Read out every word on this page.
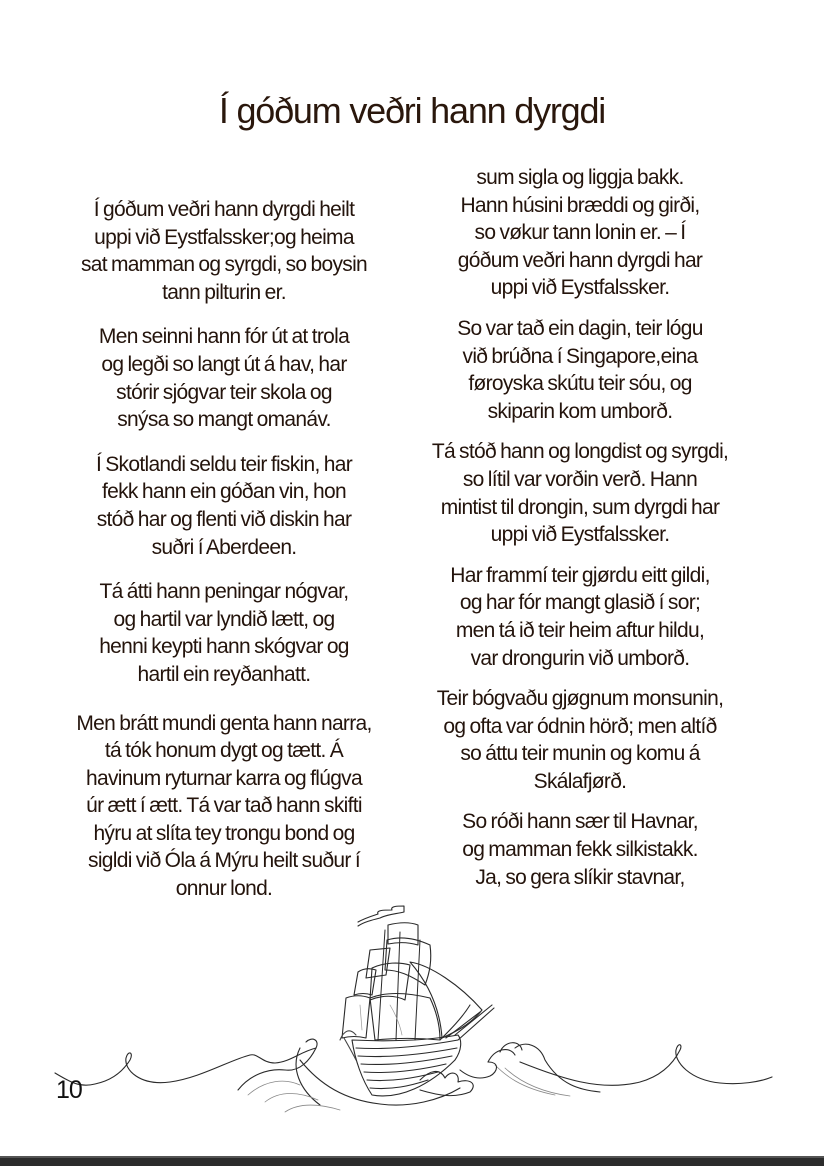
Í góðum veðri hann dyrgdi

Í góðum veðri hann dyrgdi heilt
uppi við Eystfalssker;og heima
sat mamman og syrgdi, so boysin
tann pilturin er.

Men seinni hann fór út at trola
og legði so langt út á hav, har
stórir sjógvar teir skola og
snýsa so mangt omanáv.

Í Skotlandi seldu teir fiskin, har
fekk hann ein góðan vin, hon
stóð har og flenti við diskin har
suðri í Aberdeen.

Tá átti hann peningar nógvar,
og hartil var lyndið lætt, og
henni keypti hann skógvar og
hartil ein reyðanhatt.

Men brátt mundi genta hann narra,
tá tók honum dygt og tætt. Á
havinum ryturnar karra og flúgva
úr ætt í ætt. Tá var tað hann skifti
hýru at slíta tey trongu bond og
sigldi við Óla á Mýru heilt suður í
onnur lond.

sum sigla og liggja bakk.
Hann húsini bræddi og girði,
so vøkur tann lonin er. – Í
góðum veðri hann dyrgdi har
uppi við Eystfalssker.

So var tað ein dagin, teir lógu
við brúðna í Singapore,eina
føroyska skútu teir sóu, og
skiparin kom umborð.

Tá stóð hann og longdist og syrgdi,
so lítil var vorðin verð. Hann
mintist til drongin, sum dyrgdi har
uppi við Eystfalssker.

Har frammí teir gjørdu eitt gildi,
og har fór mangt glasið í sor;
men tá ið teir heim aftur hildu,
var drongurin við umborð.

Teir bógvaðu gjøgnum monsunin,
og ofta var ódnin hörð; men altíð
so áttu teir munin og komu á
Skálafjørð.

So róði hann sær til Havnar,
og mamman fekk silkistakk.
Ja, so gera slíkir stavnar,

10
